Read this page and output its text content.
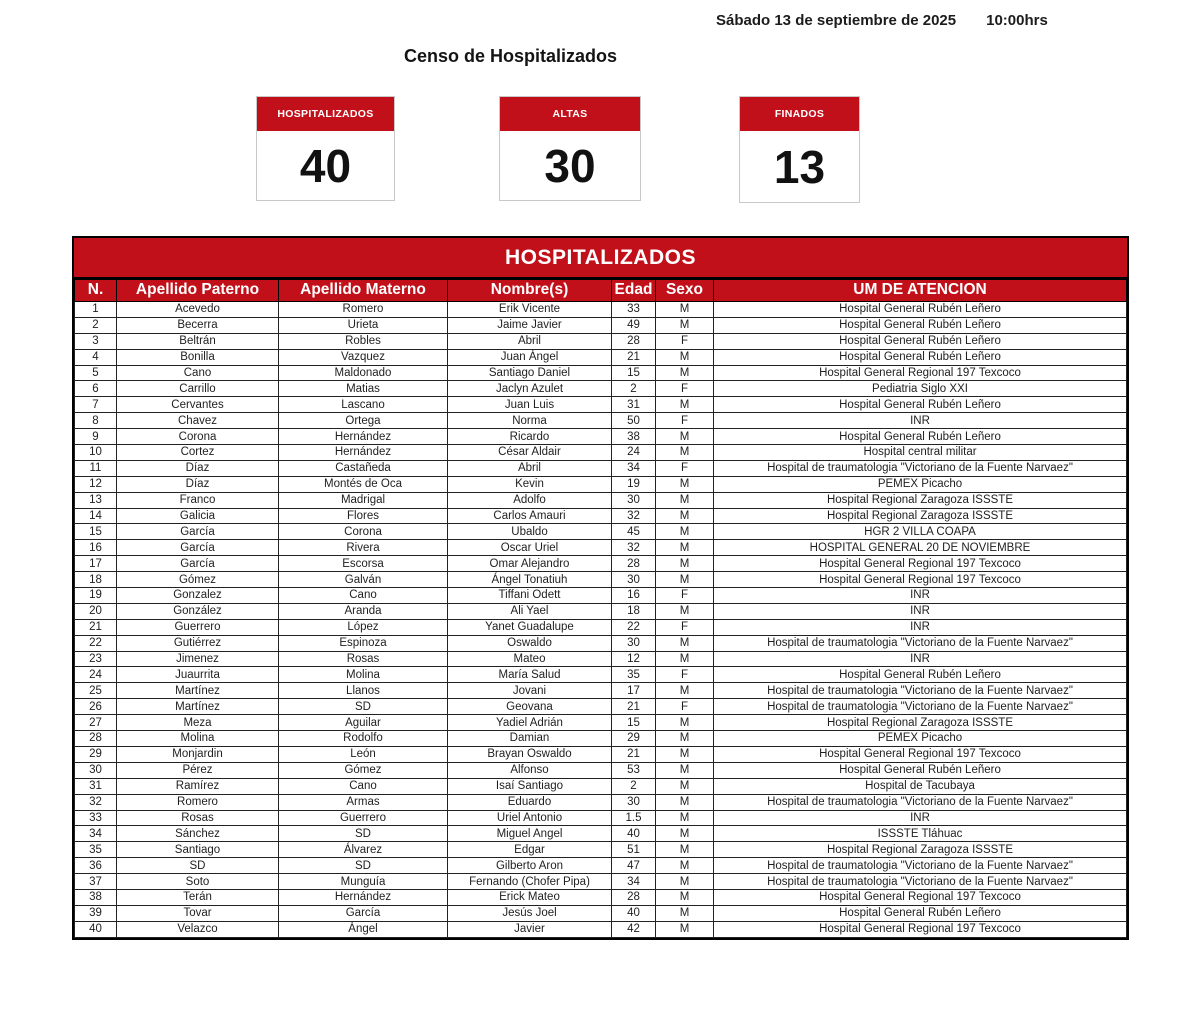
Sábado 13 de septiembre de 2025 10:00hrs
Censo de Hospitalizados
HOSPITALIZADOS
40
ALTAS
30
FINADOS
13
HOSPITALIZADOS
N.	Apellido Paterno	Apellido Materno	Nombre(s)	Edad	Sexo	UM DE ATENCION
1	Acevedo	Romero	Erik Vicente	33	M	Hospital General Rubén Leñero
2	Becerra	Urieta	Jaime Javier	49	M	Hospital General Rubén Leñero
3	Beltrán	Robles	Abril	28	F	Hospital General Rubén Leñero
4	Bonilla	Vazquez	Juan Ángel	21	M	Hospital General Rubén Leñero
5	Cano	Maldonado	Santiago Daniel	15	M	Hospital General Regional 197 Texcoco
6	Carrillo	Matias	Jaclyn Azulet	2	F	Pediatria Siglo XXI
7	Cervantes	Lascano	Juan Luis	31	M	Hospital General Rubén Leñero
8	Chavez	Ortega	Norma	50	F	INR
9	Corona	Hernández	Ricardo	38	M	Hospital General Rubén Leñero
10	Cortez	Hernández	César Aldair	24	M	Hospital central militar
11	Díaz	Castañeda	Abril	34	F	Hospital de traumatologia "Victoriano de la Fuente Narvaez"
12	Díaz	Montés de Oca	Kevin	19	M	PEMEX Picacho
13	Franco	Madrigal	Adolfo	30	M	Hospital Regional Zaragoza ISSSTE
14	Galicia	Flores	Carlos Amauri	32	M	Hospital Regional Zaragoza ISSSTE
15	García	Corona	Ubaldo	45	M	HGR 2 VILLA COAPA
16	García	Rivera	Oscar Uriel	32	M	HOSPITAL GENERAL 20 DE NOVIEMBRE
17	García	Escorsa	Omar Alejandro	28	M	Hospital General Regional 197 Texcoco
18	Gómez	Galván	Ángel Tonatiuh	30	M	Hospital General Regional 197 Texcoco
19	Gonzalez	Cano	Tiffani Odett	16	F	INR
20	González	Aranda	Ali Yael	18	M	INR
21	Guerrero	López	Yanet Guadalupe	22	F	INR
22	Gutiérrez	Espinoza	Oswaldo	30	M	Hospital de traumatologia "Victoriano de la Fuente Narvaez"
23	Jimenez	Rosas	Mateo	12	M	INR
24	Juaurrita	Molina	María Salud	35	F	Hospital General Rubén Leñero
25	Martínez	Llanos	Jovani	17	M	Hospital de traumatologia "Victoriano de la Fuente Narvaez"
26	Martínez	SD	Geovana	21	F	Hospital de traumatologia "Victoriano de la Fuente Narvaez"
27	Meza	Aguilar	Yadiel Adrián	15	M	Hospital Regional Zaragoza ISSSTE
28	Molina	Rodolfo	Damian	29	M	PEMEX Picacho
29	Monjardin	León	Brayan Oswaldo	21	M	Hospital General Regional 197 Texcoco
30	Pérez	Gómez	Alfonso	53	M	Hospital General Rubén Leñero
31	Ramírez	Cano	Isaí Santiago	2	M	Hospital de Tacubaya
32	Romero	Armas	Eduardo	30	M	Hospital de traumatologia "Victoriano de la Fuente Narvaez"
33	Rosas	Guerrero	Uriel Antonio	1.5	M	INR
34	Sánchez	SD	Miguel Angel	40	M	ISSSTE Tláhuac
35	Santiago	Álvarez	Edgar	51	M	Hospital Regional Zaragoza ISSSTE
36	SD	SD	Gilberto Aron	47	M	Hospital de traumatologia "Victoriano de la Fuente Narvaez"
37	Soto	Munguía	Fernando (Chofer Pipa)	34	M	Hospital de traumatologia "Victoriano de la Fuente Narvaez"
38	Terán	Hernández	Erick Mateo	28	M	Hospital General Regional 197 Texcoco
39	Tovar	García	Jesús Joel	40	M	Hospital General Rubén Leñero
40	Velazco	Ángel	Javier	42	M	Hospital General Regional 197 Texcoco
